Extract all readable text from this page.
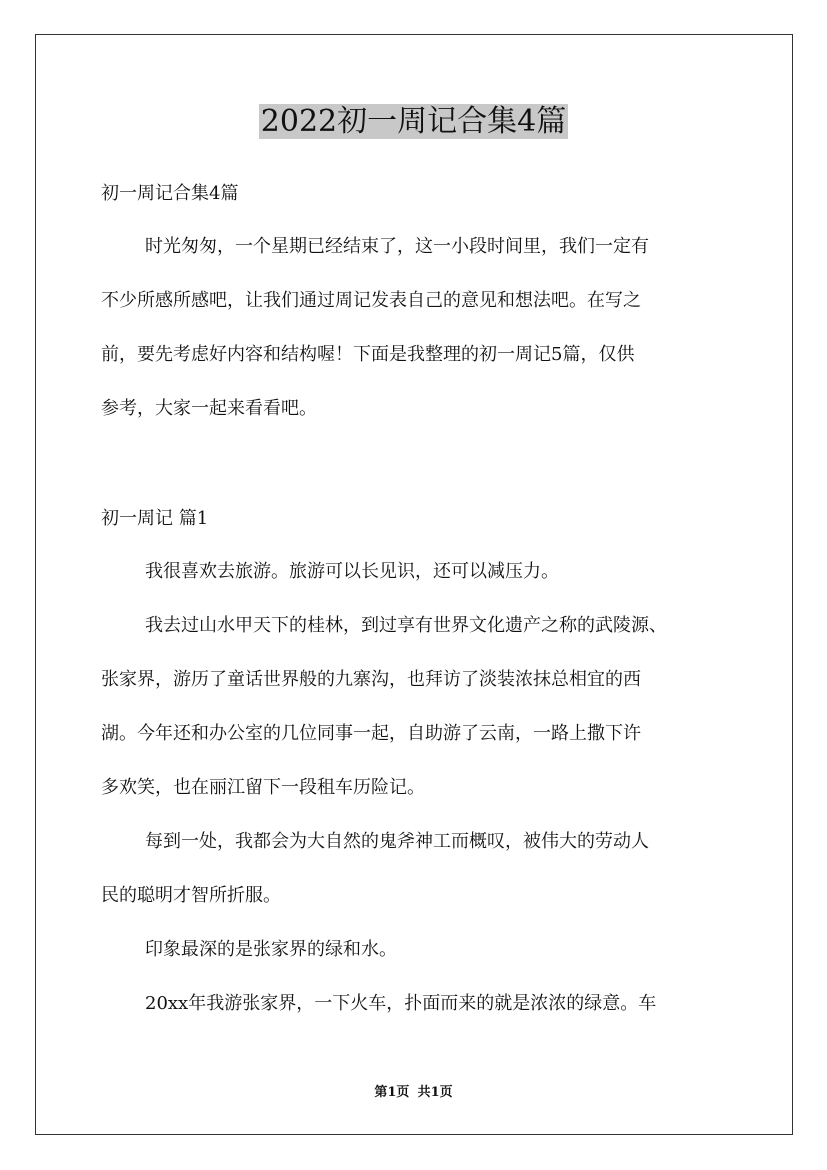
2022初一周记合集4篇
初一周记合集4篇
时光匆匆，一个星期已经结束了，这一小段时间里，我们一定有
不少所感所感吧，让我们通过周记发表自己的意见和想法吧。在写之
前，要先考虑好内容和结构喔！下面是我整理的初一周记5篇，仅供
参考，大家一起来看看吧。
初一周记 篇1
我很喜欢去旅游。旅游可以长见识，还可以减压力。
我去过山水甲天下的桂林，到过享有世界文化遗产之称的武陵源、
张家界，游历了童话世界般的九寨沟，也拜访了淡装浓抹总相宜的西
湖。今年还和办公室的几位同事一起，自助游了云南，一路上撒下许
多欢笑，也在丽江留下一段租车历险记。
每到一处，我都会为大自然的鬼斧神工而概叹，被伟大的劳动人
民的聪明才智所折服。
印象最深的是张家界的绿和水。
20xx年我游张家界，一下火车，扑面而来的就是浓浓的绿意。车
第1页 共1页
